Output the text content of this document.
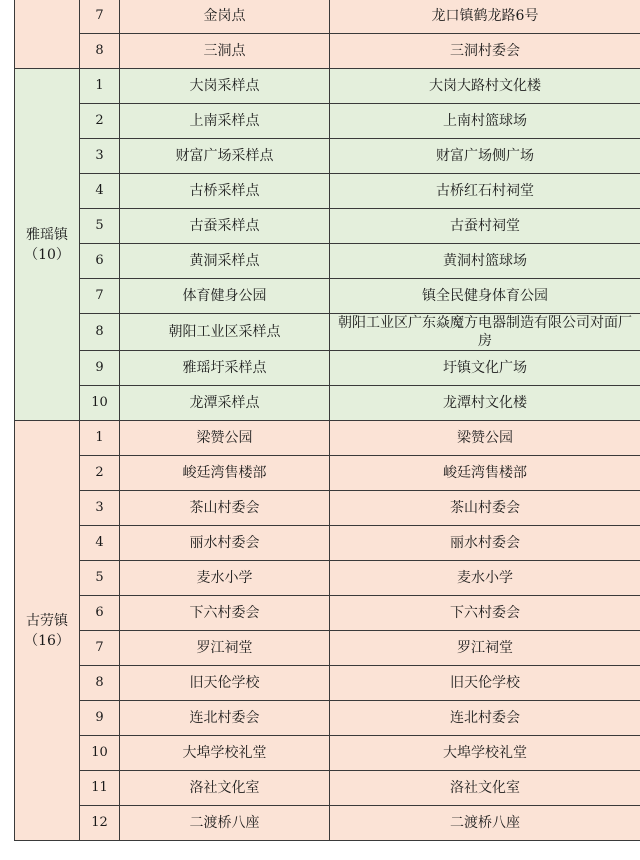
	7	金岗点	龙口镇鹤龙路6号
	8	三洞点	三洞村委会

雅瑶镇
（10）	1	大岗采样点	大岗大路村文化楼
	2	上南采样点	上南村篮球场
	3	财富广场采样点	财富广场侧广场
	4	古桥采样点	古桥红石村祠堂
	5	古蚕采样点	古蚕村祠堂
	6	黄洞采样点	黄洞村篮球场
	7	体育健身公园	镇全民健身体育公园
	8	朝阳工业区采样点	朝阳工业区广东焱魔方电器制造有限公司对面厂房
	9	雅瑶圩采样点	圩镇文化广场
	10	龙潭采样点	龙潭村文化楼

古劳镇
（16）	1	梁赞公园	梁赞公园
	2	峻廷湾售楼部	峻廷湾售楼部
	3	茶山村委会	茶山村委会
	4	丽水村委会	丽水村委会
	5	麦水小学	麦水小学
	6	下六村委会	下六村委会
	7	罗江祠堂	罗江祠堂
	8	旧天伦学校	旧天伦学校
	9	连北村委会	连北村委会
	10	大埠学校礼堂	大埠学校礼堂
	11	洛社文化室	洛社文化室
	12	二渡桥八座	二渡桥八座
